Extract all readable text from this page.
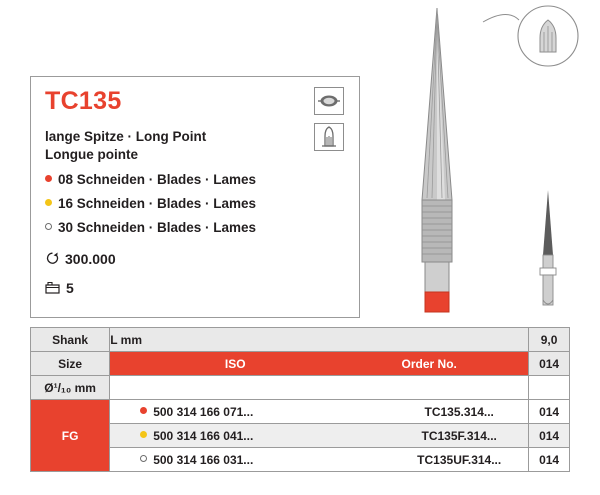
TC135
lange Spitze · Long Point
Longue pointe
08 Schneiden · Blades · Lames
16 Schneiden · Blades · Lames
30 Schneiden · Blades · Lames
300.000
5
Shank	L mm	9,0
Size	ISO Order No.	014
Ø¹/₁₀ mm		
FG	500 314 166 071... TC135.314...	014

	500 314 166 041... TC135F.314...	014

	500 314 166 031... TC135UF.314...	014
